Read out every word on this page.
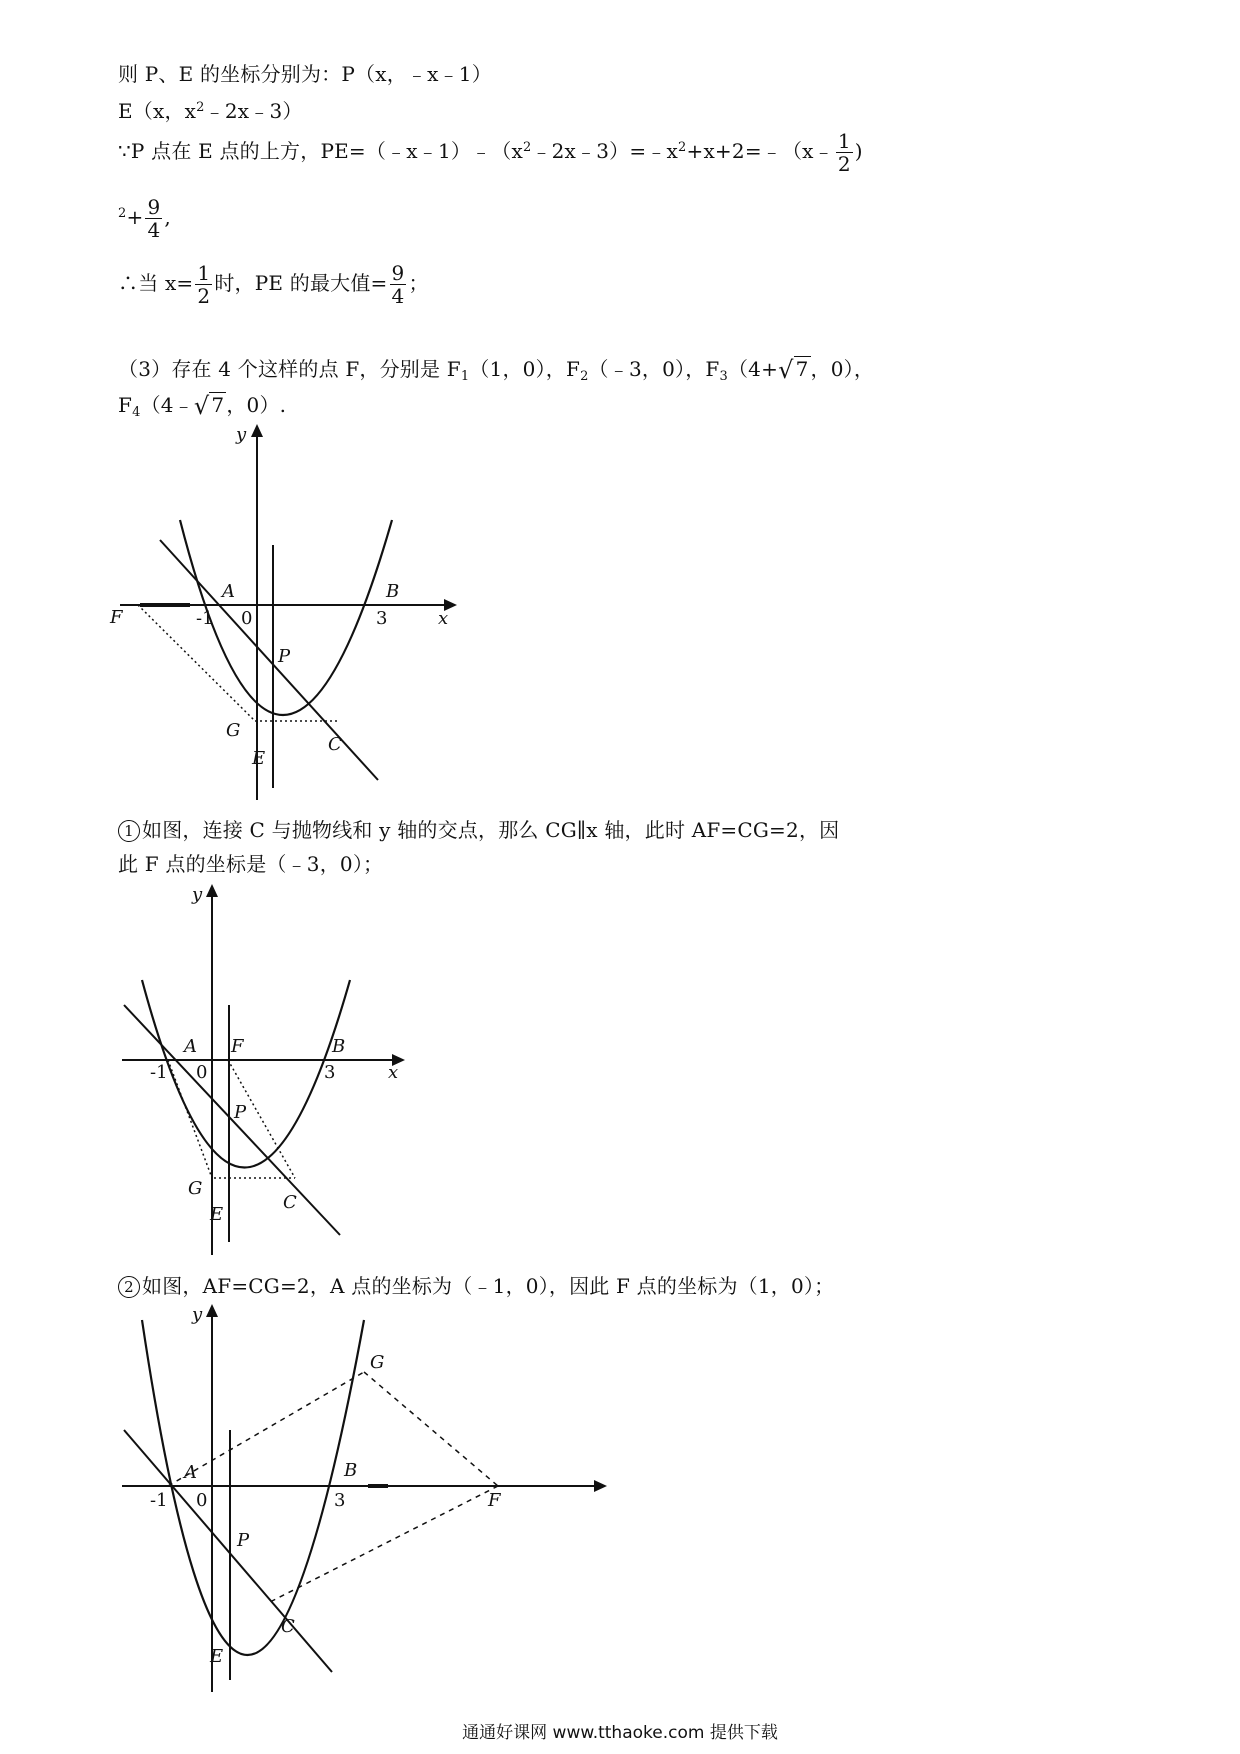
则 P、E 的坐标分别为：P（x，﹣x﹣1）
E（x，$x^2﹣2x﹣3$）
∵P 点在 E 点的上方，$PE=(﹣x﹣1)﹣(x^2﹣2x﹣3)=﹣x^2+x+2=﹣(x﹣ \frac{1}{2}$ )
$^2+ \frac{9}{4}$ ,
∴当 $x= \frac{1}{2}$ 时，PE 的最大值= $\frac{9}{4}$ ；
（3）存在 4 个这样的点 F，分别是 $F_1(1$，0），$F_2(﹣3$，0），$F_3(4+√$ 7 ，0），
$F_4(4﹣√$ 7 ，0）.
y
x
A	B
F
P
G
C
E
-1 0	3
1 如图，连接 C 与抛物线和 y 轴的交点，那么 CG∥x 轴，此时 AF=CG=2，因
此 F 点的坐标是（﹣3，0）；
y
x
A	B
F
P
G
C
E
-1 0	3
2 如图，AF=CG=2，A 点的坐标为（﹣1，0），因此 F 点的坐标为（1，0）；
y
A	B
G
F
P
C
E
-1 0	3
通通好课网 www.tthaoke.com 提供下载
